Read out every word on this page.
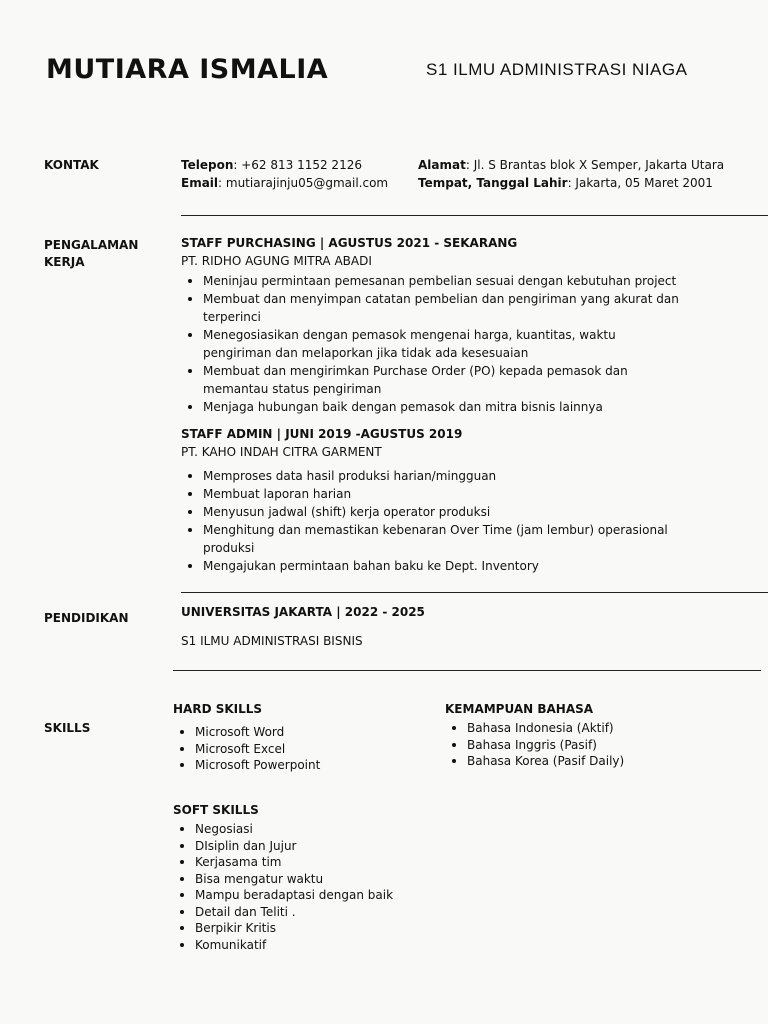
MUTIARA ISMALIA	S1 ILMU ADMINISTRASI NIAGA
KONTAK	Telepon: +62 813 1152 2126
Email: mutiarajinju05@gmail.com
Alamat: Jl. S Brantas blok X Semper, Jakarta Utara
Tempat, Tanggal Lahir: Jakarta, 05 Maret 2001
PENGALAMAN
KERJA
STAFF PURCHASING | AGUSTUS 2021 - SEKARANG
PT. RIDHO AGUNG MITRA ABADI
Meninjau permintaan pemesanan pembelian sesuai dengan kebutuhan project
Membuat dan menyimpan catatan pembelian dan pengiriman yang akurat dan terperinci
Menegosiasikan dengan pemasok mengenai harga, kuantitas, waktu pengiriman dan melaporkan jika tidak ada kesesuaian
Membuat dan mengirimkan Purchase Order (PO) kepada pemasok dan memantau status pengiriman
Menjaga hubungan baik dengan pemasok dan mitra bisnis lainnya
STAFF ADMIN | JUNI 2019 -AGUSTUS 2019
PT. KAHO INDAH CITRA GARMENT
Memproses data hasil produksi harian/mingguan
Membuat laporan harian
Menyusun jadwal (shift) kerja operator produksi
Menghitung dan memastikan kebenaran Over Time (jam lembur) operasional produksi
Mengajukan permintaan bahan baku ke Dept. Inventory
PENDIDIKAN	UNIVERSITAS JAKARTA | 2022 - 2025
S1 ILMU ADMINISTRASI BISNIS
SKILLS
HARD SKILLS
Microsoft Word
Microsoft Excel
Microsoft Powerpoint
KEMAMPUAN BAHASA
Bahasa Indonesia (Aktif)
Bahasa Inggris (Pasif)
Bahasa Korea (Pasif Daily)
SOFT SKILLS
Negosiasi
DIsiplin dan Jujur
Kerjasama tim
Bisa mengatur waktu
Mampu beradaptasi dengan baik
Detail dan Teliti .
Berpikir Kritis
Komunikatif
